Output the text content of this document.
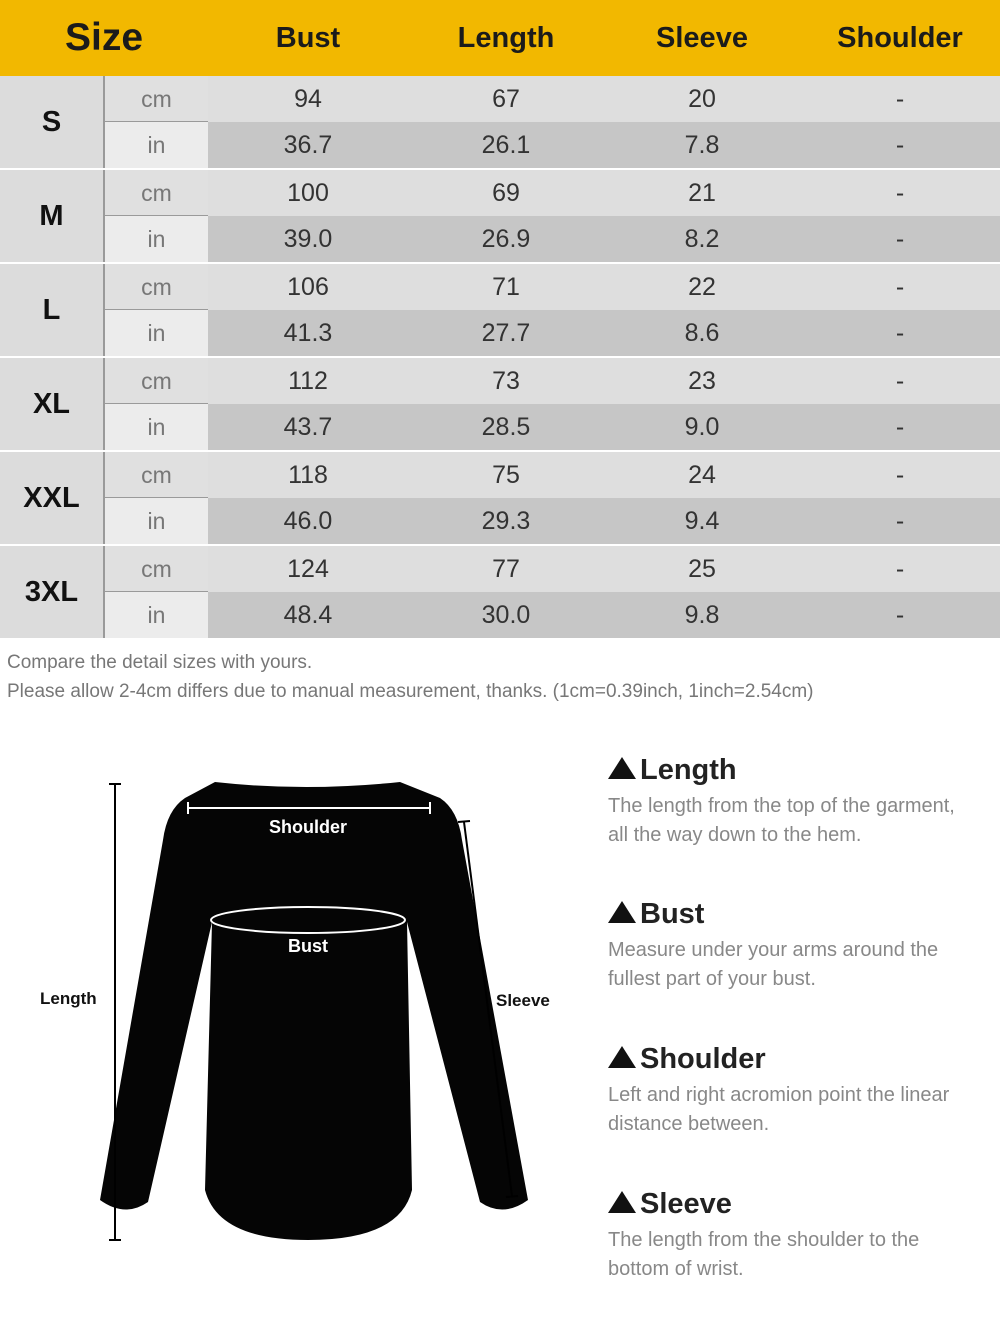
Size	Bust	Length	Sleeve	Shoulder
S
cm	94	67	20	-
in	36.7	26.1	7.8	-
M
cm	100	69	21	-
in	39.0	26.9	8.2	-
L
cm	106	71	22	-
in	41.3	27.7	8.6	-
XL
cm	112	73	23	-
in	43.7	28.5	9.0	-
XXL
cm	118	75	24	-
in	46.0	29.3	9.4	-
3XL
cm	124	77	25	-
in	48.4	30.0	9.8	-
Compare the detail sizes with yours.
Please allow 2-4cm differs due to manual measurement, thanks. (1cm=0.39inch, 1inch=2.54cm)
Shoulder
Bust
Length	Sleeve
Length
The length from the top of the garment,
all the way down to the hem.
Bust
Measure under your arms around the
fullest part of your bust.
Shoulder
Left and right acromion point the linear
distance between.
Sleeve
The length from the shoulder to the
bottom of wrist.
